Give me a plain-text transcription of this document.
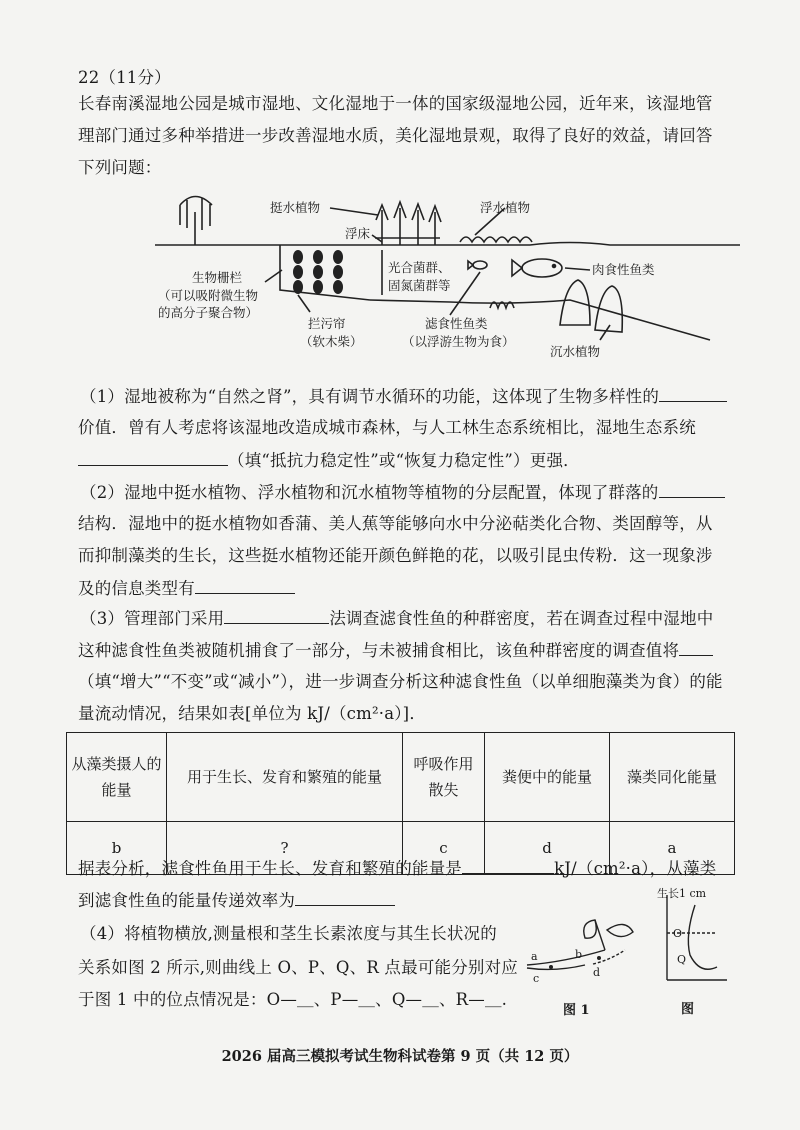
22（11分）
长春南溪湿地公园是城市湿地、文化湿地于一体的国家级湿地公园，近年来，该湿地管
理部门通过多种举措进一步改善湿地水质，美化湿地景观，取得了良好的效益，请回答
下列问题：
挺水植物	浮水植物
浮床
光合菌群、
固氮菌群等
生物栅栏
（可以吸附微生物
的高分子聚合物）
肉食性鱼类
拦污帘
（软木柴）
滤食性鱼类
（以浮游生物为食）
沉水植物
（1）湿地被称为“自然之肾”，具有调节水循环的功能，这体现了生物多样性的
价值．曾有人考虑将该湿地改造成城市森林，与人工林生态系统相比，湿地生态系统
（填“抵抗力稳定性”或“恢复力稳定性”）更强．
（2）湿地中挺水植物、浮水植物和沉水植物等植物的分层配置，体现了群落的
结构．湿地中的挺水植物如香蒲、美人蕉等能够向水中分泌萜类化合物、类固醇等，从
而抑制藻类的生长，这些挺水植物还能开颜色鲜艳的花，以吸引昆虫传粉．这一现象涉
及的信息类型有
（3）管理部门采用	法调查滤食性鱼的种群密度，若在调查过程中湿地中
这种滤食性鱼类被随机捕食了一部分，与未被捕食相比，该鱼种群密度的调查值将
（填“增大”“不变”或“减小”），进一步调查分析这种滤食性鱼（以单细胞藻类为食）的能
量流动情况，结果如表[单位为 kJ/（cm²·a）]．
从藻类摄人的能量	用于生长、发育和繁殖的能量	呼吸作用散失	粪便中的能量	藻类同化能量
b	?	c	d	a
据表分析，滤食性鱼用于生长、发育和繁殖的能量是	kJ/（cm²·a），从藻类
到滤食性鱼的能量传递效率为
（4）将植物横放,测量根和茎生长素浓度与其生长状况的
关系如图 2 所示,则曲线上 O、P、Q、R 点最可能分别对应
于图 1 中的位点情况是：O—＿、P—＿、Q—＿、R—＿.
a	b
c	d
图 1
生长1 cm
O
Q
图
2026 届高三模拟考试生物科试卷第 9 页（共 12 页）
